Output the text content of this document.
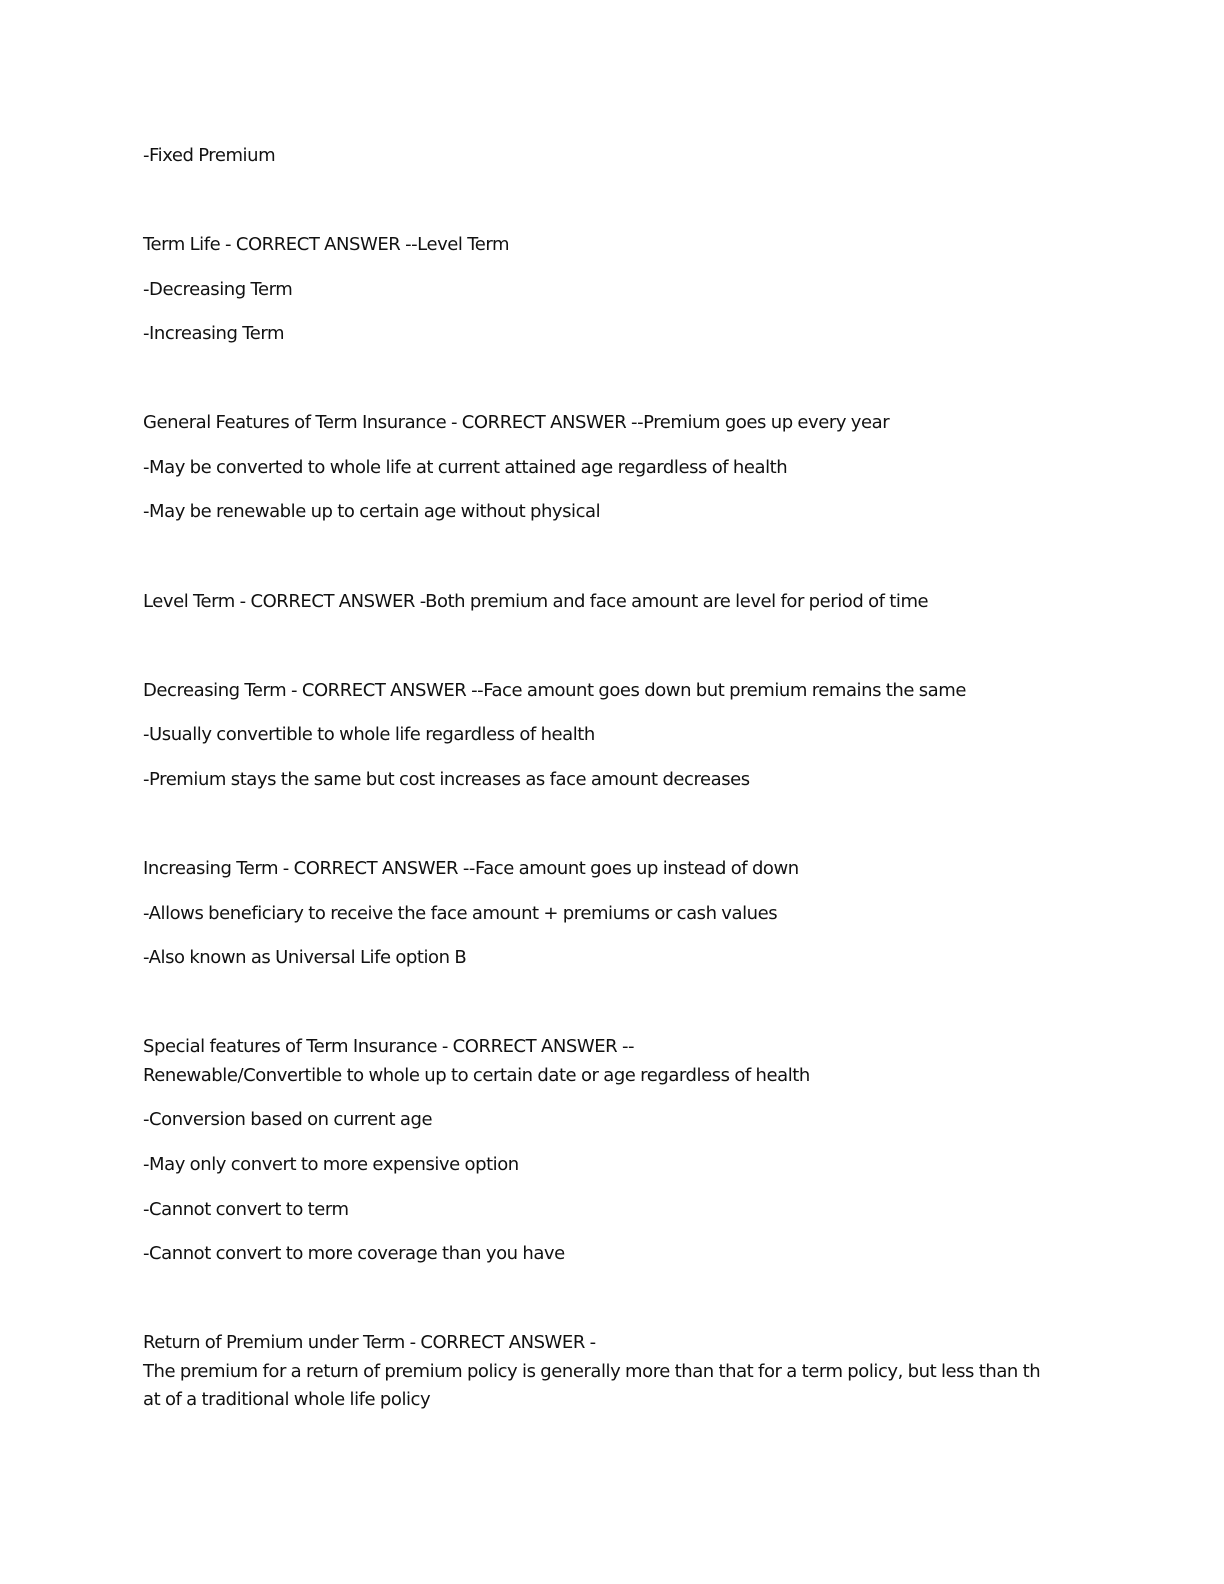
-Fixed Premium
Term Life - CORRECT ANSWER --Level Term
-Decreasing Term
-Increasing Term
General Features of Term Insurance - CORRECT ANSWER --Premium goes up every year
-May be converted to whole life at current attained age regardless of health
-May be renewable up to certain age without physical
Level Term - CORRECT ANSWER -Both premium and face amount are level for period of time
Decreasing Term - CORRECT ANSWER --Face amount goes down but premium remains the same
-Usually convertible to whole life regardless of health
-Premium stays the same but cost increases as face amount decreases
Increasing Term - CORRECT ANSWER --Face amount goes up instead of down
-Allows beneficiary to receive the face amount + premiums or cash values
-Also known as Universal Life option B
Special features of Term Insurance - CORRECT ANSWER --
Renewable/Convertible to whole up to certain date or age regardless of health
-Conversion based on current age
-May only convert to more expensive option
-Cannot convert to term
-Cannot convert to more coverage than you have
Return of Premium under Term - CORRECT ANSWER -
The premium for a return of premium policy is generally more than that for a term policy, but less than th
at of a traditional whole life policy
